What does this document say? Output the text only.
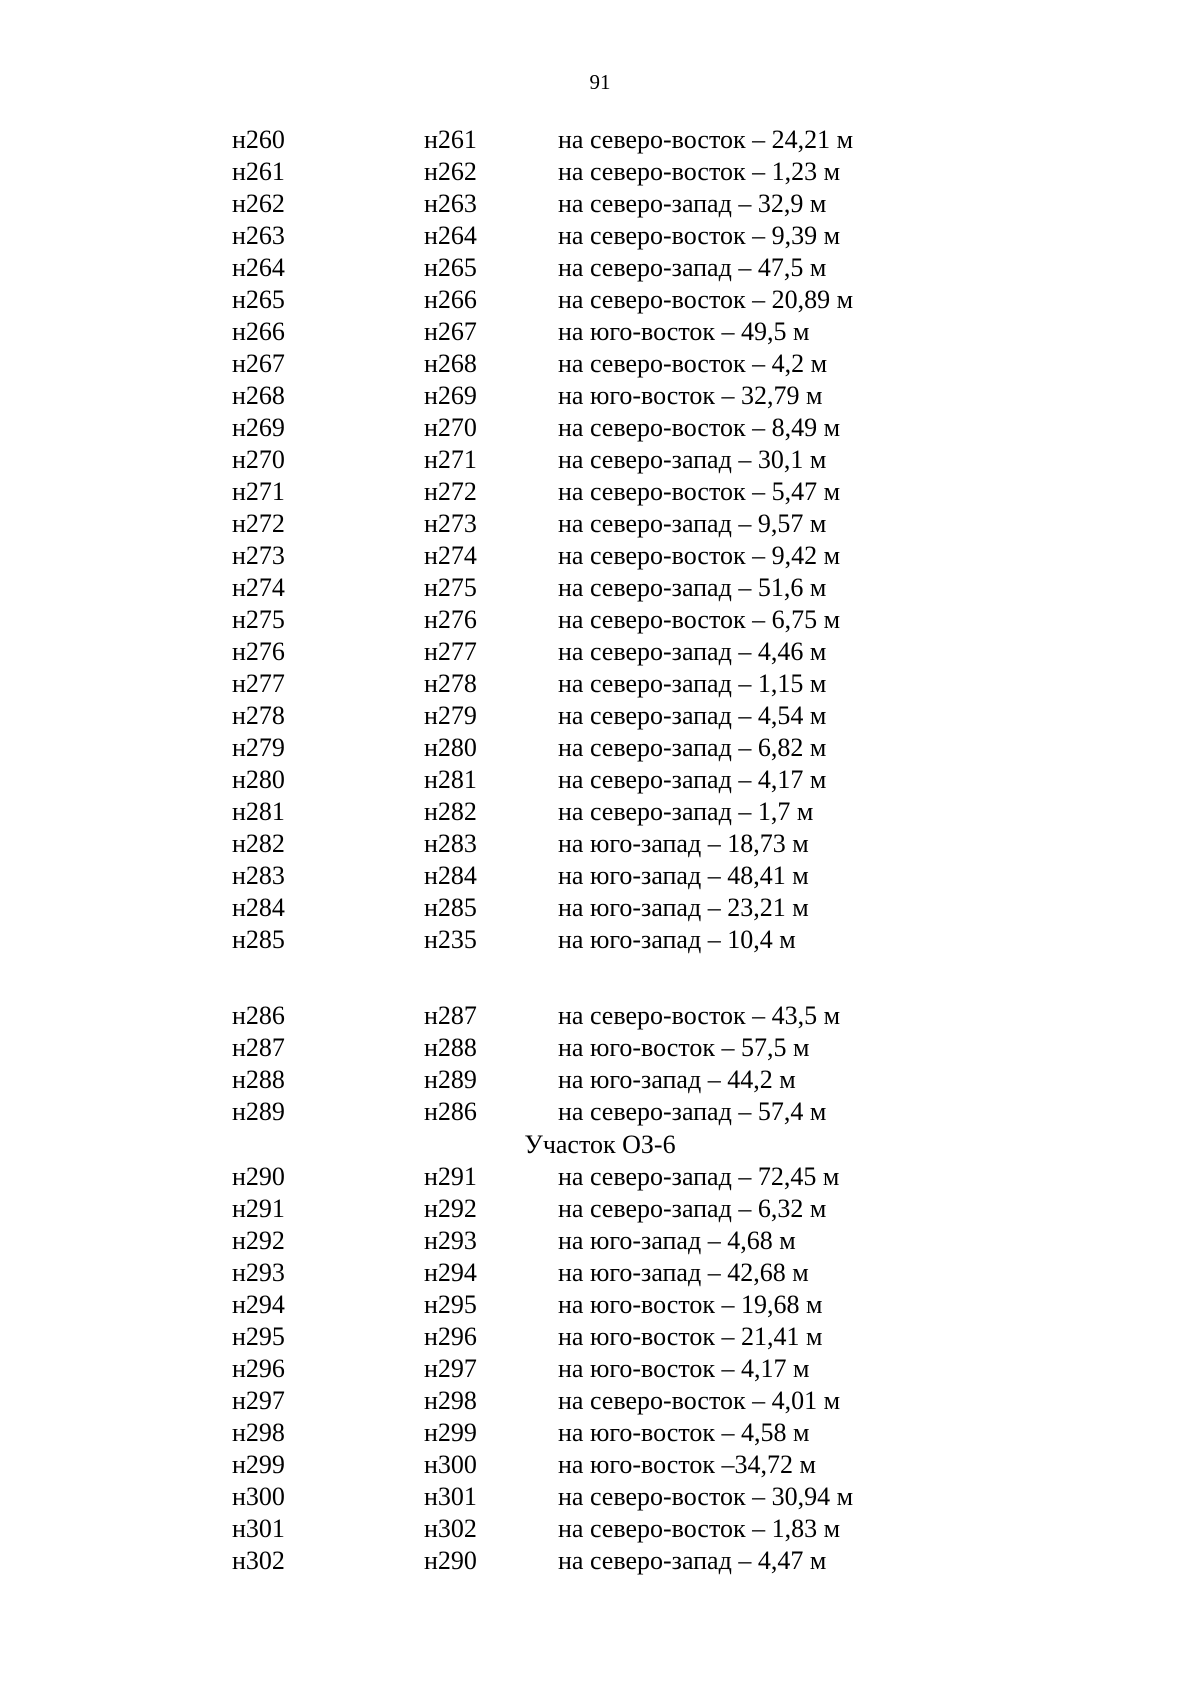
91
н260	н261	на северо-восток – 24,21 м
н261	н262	на северо-восток – 1,23 м
н262	н263	на северо-запад – 32,9 м
н263	н264	на северо-восток – 9,39 м
н264	н265	на северо-запад – 47,5 м
н265	н266	на северо-восток – 20,89 м
н266	н267	на юго-восток – 49,5 м
н267	н268	на северо-восток – 4,2 м
н268	н269	на юго-восток – 32,79 м
н269	н270	на северо-восток – 8,49 м
н270	н271	на северо-запад – 30,1 м
н271	н272	на северо-восток – 5,47 м
н272	н273	на северо-запад – 9,57 м
н273	н274	на северо-восток – 9,42 м
н274	н275	на северо-запад – 51,6 м
н275	н276	на северо-восток – 6,75 м
н276	н277	на северо-запад – 4,46 м
н277	н278	на северо-запад – 1,15 м
н278	н279	на северо-запад – 4,54 м
н279	н280	на северо-запад – 6,82 м
н280	н281	на северо-запад – 4,17 м
н281	н282	на северо-запад – 1,7 м
н282	н283	на юго-запад – 18,73 м
н283	н284	на юго-запад – 48,41 м
н284	н285	на юго-запад – 23,21 м
н285	н235	на юго-запад – 10,4 м
н286	н287	на северо-восток – 43,5 м
н287	н288	на юго-восток – 57,5 м
н288	н289	на юго-запад – 44,2 м
н289	н286	на северо-запад – 57,4 м
Участок ОЗ-6
н290	н291	на северо-запад – 72,45 м
н291	н292	на северо-запад – 6,32 м
н292	н293	на юго-запад – 4,68 м
н293	н294	на юго-запад – 42,68 м
н294	н295	на юго-восток – 19,68 м
н295	н296	на юго-восток – 21,41 м
н296	н297	на юго-восток – 4,17 м
н297	н298	на северо-восток – 4,01 м
н298	н299	на юго-восток – 4,58 м
н299	н300	на юго-восток –34,72 м
н300	н301	на северо-восток – 30,94 м
н301	н302	на северо-восток – 1,83 м
н302	н290	на северо-запад – 4,47 м
